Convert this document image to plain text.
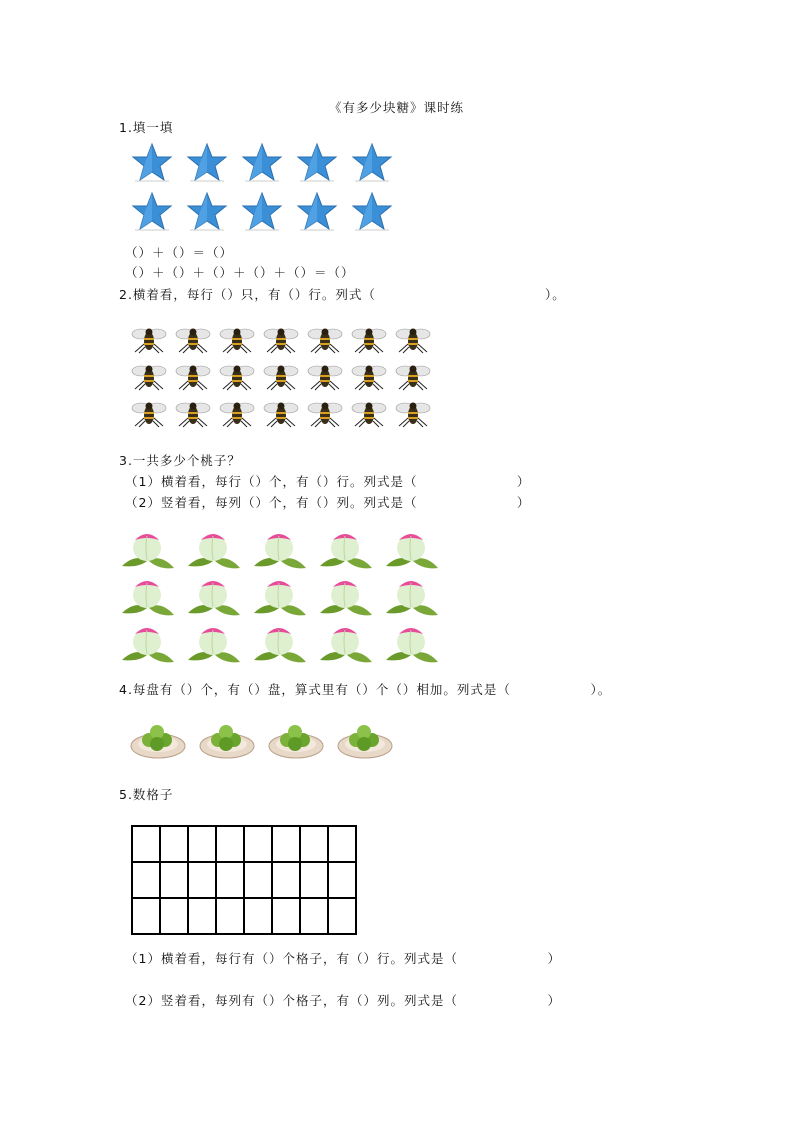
《有多少块糖》课时练
1.填一填
（）＋（）＝（）
（）＋（）＋（）＋（）＋（）＝（）
2.横着看，每行（）只，有（）行。列式（                                  ）。
3.一共多少个桃子？
（1）横着看，每行（）个，有（）行。列式是（                    ）
（2）竖着看，每列（）个，有（）列。列式是（                    ）
4.每盘有（）个，有（）盘，算式里有（）个（）相加。列式是（                ）。
5.数格子

（1）横着看，每行有（）个格子，有（）行。列式是（                  ）
（2）竖着看，每列有（）个格子，有（）列。列式是（                  ）
